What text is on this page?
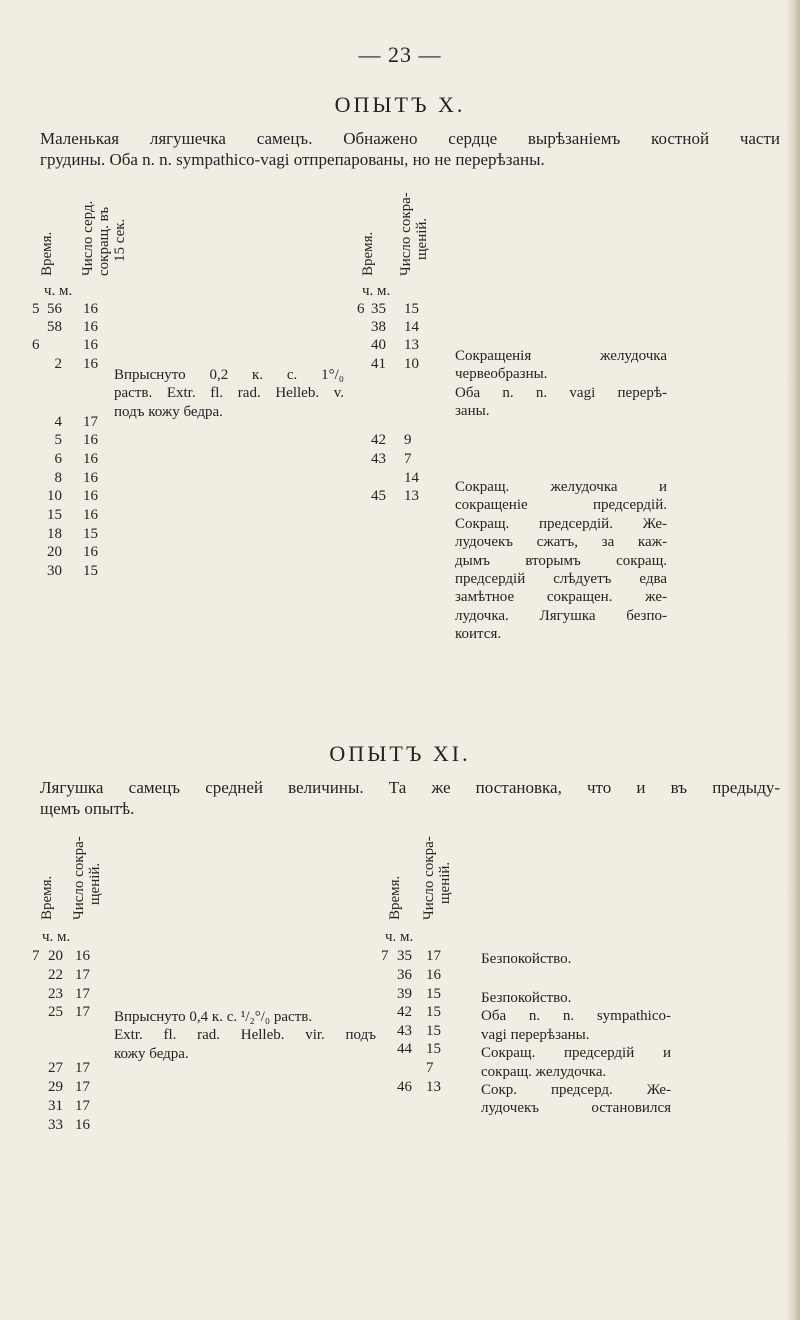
— 23 —
ОПЫТЪ X.
Маленькая лягушечка самецъ. Обнажено сердце вырѣзаніемъ костной части
грудины. Оба n. n. sympathico-vagi отпрепарованы, но не перерѣзаны.
Время. Число серд. сокращ. въ 15 сек.	Время. Число сокра- щеній.
ч. м.	ч. м.
5 56 16
58 16
6	16
2 16
4 17
5 16
6 16
8 16
10 16
15 16
18 15
20 16
30 15
6 35 15
38 14
40 13
41 10
42 9
43 7
14
45 13
Впрыснуто 0,2 к. с. 1°/₀
раств. Extr. fl. rad. Helleb. v.
подъ кожу бедра.
Сокращенія желудочка
червеобразны.
Оба n. n. vagi перерѣ-
заны.
Сокращ. желудочка и
сокращеніе предсердій.
Сокращ. предсердій. Же-
лудочекъ сжатъ, за каж-
дымъ вторымъ сокращ.
предсердій слѣдуетъ едва
замѣтное сокращен. же-
лудочка. Лягушка безпо-
коится.
ОПЫТЪ XI.
Лягушка самецъ средней величины. Та же постановка, что и въ предыду-
щемъ опытѣ.
Время. Число сокра- щеній.	Время. Число сокра- щеній.
ч. м.	ч. м.
7 20 16
22 17
23 17
25 17
27 17
29 17
31 17
33 16
7 35 17
36 16
39 15
42 15
43 15
44 15
7
46 13
Впрыснуто 0,4 к. с. ¹/₂°/₀ раств.
Extr. fl. rad. Helleb. vir. подъ
кожу бедра.
Безпокойство.
Безпокойство.
Оба n. n. sympathico-
vagi перерѣзаны.
Сокращ. предсердій и
сокращ. желудочка.
Сокр. предсерд. Же-
лудочекъ остановился
